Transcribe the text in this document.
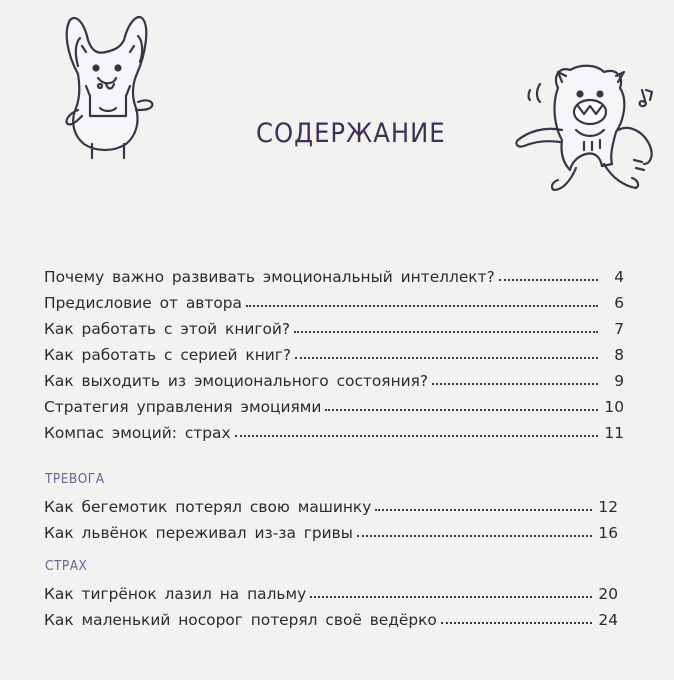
СОДЕРЖАНИЕ
Почему важно развивать эмоциональный интеллект?	4
Предисловие от автора	6
Как работать с этой книгой?	7
Как работать с серией книг?	8
Как выходить из эмоционального состояния?	9
Стратегия управления эмоциями	10
Компас эмоций: страх	11
ТРЕВОГА
Как бегемотик потерял свою машинку	12
Как львёнок переживал из-за гривы	16
СТРАХ
Как тигрёнок лазил на пальму	20
Как маленький носорог потерял своё ведёрко	24
